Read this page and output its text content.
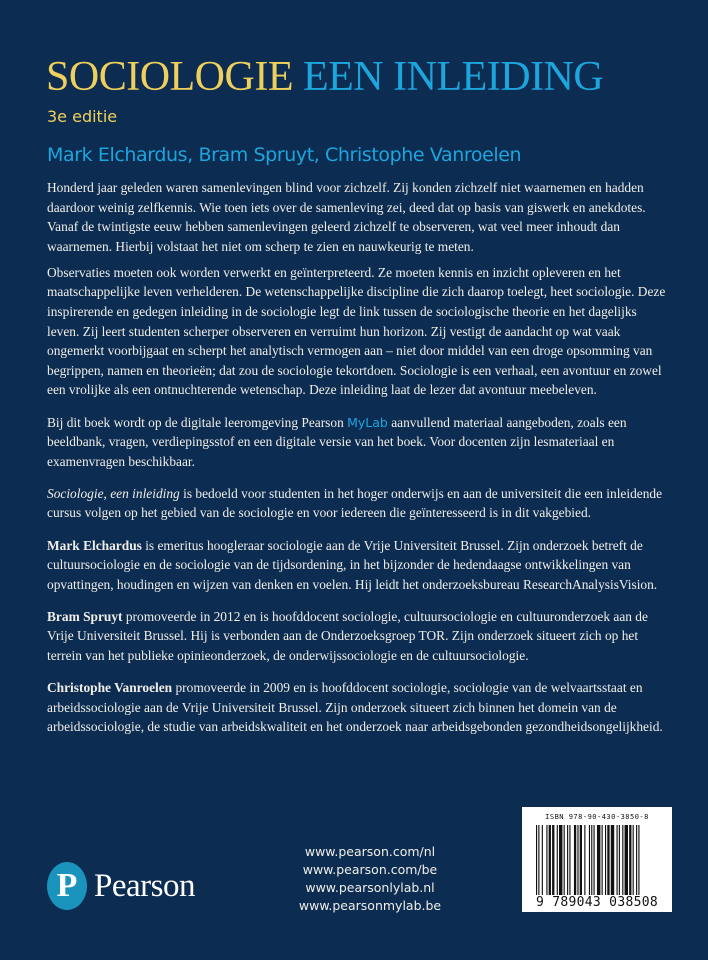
SOCIOLOGIE EEN INLEIDING
3e editie
Mark Elchardus, Bram Spruyt, Christophe Vanroelen

Honderd jaar geleden waren samenlevingen blind voor zichzelf. Zij konden zichzelf niet waarnemen en hadden daardoor weinig zelfkennis. Wie toen iets over de samenleving zei, deed dat op basis van giswerk en anekdotes. Vanaf de twintigste eeuw hebben samenlevingen geleerd zichzelf te observeren, wat veel meer inhoudt dan waarnemen. Hierbij volstaat het niet om scherp te zien en nauwkeurig te meten.

Observaties moeten ook worden verwerkt en geïnterpreteerd. Ze moeten kennis en inzicht opleveren en het maatschappelijke leven verhelderen. De wetenschappelijke discipline die zich daarop toelegt, heet sociologie. Deze inspirerende en gedegen inleiding in de sociologie legt de link tussen de sociologische theorie en het dagelijks leven. Zij leert studenten scherper observeren en verruimt hun horizon. Zij vestigt de aandacht op wat vaak ongemerkt voorbijgaat en scherpt het analytisch vermogen aan – niet door middel van een droge opsomming van begrippen, namen en theorieën; dat zou de sociologie tekortdoen. Sociologie is een verhaal, een avontuur en zowel een vrolijke als een ontnuchterende wetenschap. Deze inleiding laat de lezer dat avontuur meebeleven.

Bij dit boek wordt op de digitale leeromgeving Pearson MyLab aanvullend materiaal aangeboden, zoals een beeldbank, vragen, verdiepingsstof en een digitale versie van het boek. Voor docenten zijn lesmateriaal en examenvragen beschikbaar.

Sociologie, een inleiding is bedoeld voor studenten in het hoger onderwijs en aan de universiteit die een inleidende cursus volgen op het gebied van de sociologie en voor iedereen die geïnteresseerd is in dit vakgebied.

Mark Elchardus is emeritus hoogleraar sociologie aan de Vrije Universiteit Brussel. Zijn onderzoek betreft de cultuursociologie en de sociologie van de tijdsordening, in het bijzonder de hedendaagse ontwikkelingen van opvattingen, houdingen en wijzen van denken en voelen. Hij leidt het onderzoeksbureau ResearchAnalysisVision.

Bram Spruyt promoveerde in 2012 en is hoofddocent sociologie, cultuursociologie en cultuuronderzoek aan de Vrije Universiteit Brussel. Hij is verbonden aan de Onderzoeksgroep TOR. Zijn onderzoek situeert zich op het terrein van het publieke opinieonderzoek, de onderwijssociologie en de cultuursociologie.

Christophe Vanroelen promoveerde in 2009 en is hoofddocent sociologie, sociologie van de welvaartsstaat en arbeidssociologie aan de Vrije Universiteit Brussel. Zijn onderzoek situeert zich binnen het domein van de arbeidssociologie, de studie van arbeidskwaliteit en het onderzoek naar arbeidsgebonden gezondheidsongelijkheid.

P Pearson
www.pearson.com/nl
www.pearson.com/be
www.pearsonlylab.nl
www.pearsonmylab.be
ISBN 978-90-430-3850-8
9 789043 038508
